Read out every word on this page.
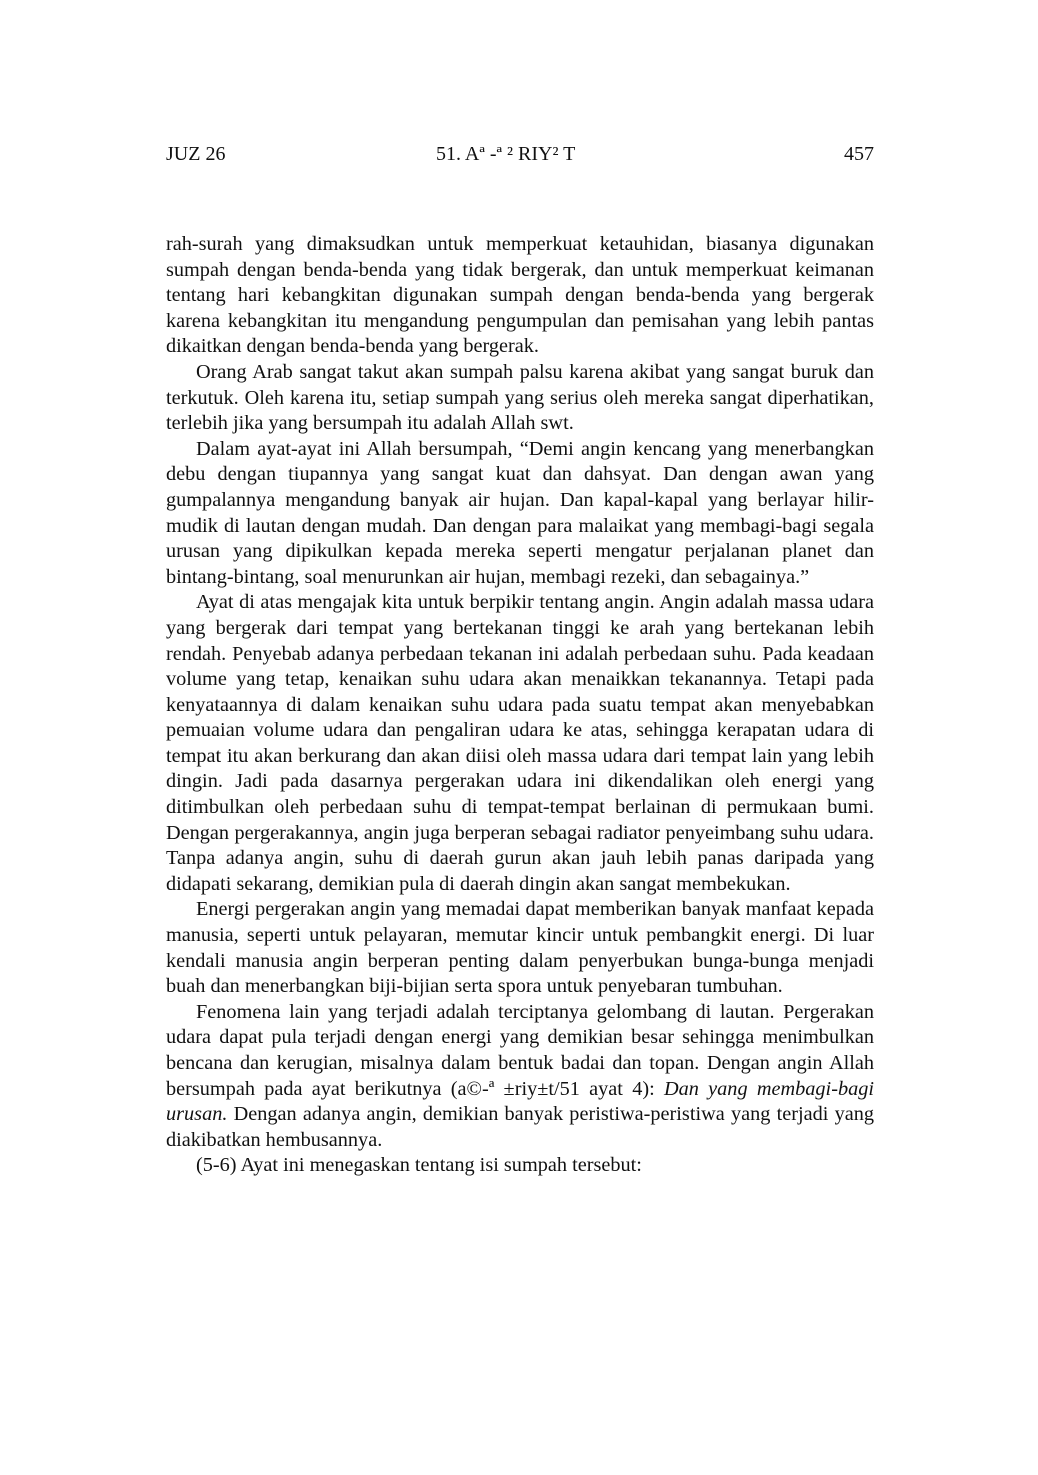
JUZ 26	51. Aª -ª ² RIY² T	457

rah-surah yang dimaksudkan untuk memperkuat ketauhidan, biasanya digunakan sumpah dengan benda-benda yang tidak bergerak, dan untuk memperkuat keimanan tentang hari kebangkitan digunakan sumpah dengan benda-benda yang bergerak karena kebangkitan itu mengandung pengumpulan dan pemisahan yang lebih pantas dikaitkan dengan benda-benda yang bergerak.

Orang Arab sangat takut akan sumpah palsu karena akibat yang sangat buruk dan terkutuk. Oleh karena itu, setiap sumpah yang serius oleh mereka sangat diperhatikan, terlebih jika yang bersumpah itu adalah Allah swt.

Dalam ayat-ayat ini Allah bersumpah, “Demi angin kencang yang menerbangkan debu dengan tiupannya yang sangat kuat dan dahsyat. Dan dengan awan yang gumpalannya mengandung banyak air hujan. Dan kapal-kapal yang berlayar hilir-mudik di lautan dengan mudah. Dan dengan para malaikat yang membagi-bagi segala urusan yang dipikulkan kepada mereka seperti mengatur perjalanan planet dan bintang-bintang, soal menurunkan air hujan, membagi rezeki, dan sebagainya.”

Ayat di atas mengajak kita untuk berpikir tentang angin. Angin adalah massa udara yang bergerak dari tempat yang bertekanan tinggi ke arah yang bertekanan lebih rendah. Penyebab adanya perbedaan tekanan ini adalah perbedaan suhu. Pada keadaan volume yang tetap, kenaikan suhu udara akan menaikkan tekanannya. Tetapi pada kenyataannya di dalam kenaikan suhu udara pada suatu tempat akan menyebabkan pemuaian volume udara dan pengaliran udara ke atas, sehingga kerapatan udara di tempat itu akan berkurang dan akan diisi oleh massa udara dari tempat lain yang lebih dingin. Jadi pada dasarnya pergerakan udara ini dikendalikan oleh energi yang ditimbulkan oleh perbedaan suhu di tempat-tempat berlainan di permukaan bumi. Dengan pergerakannya, angin juga berperan sebagai radiator penyeimbang suhu udara. Tanpa adanya angin, suhu di daerah gurun akan jauh lebih panas daripada yang didapati sekarang, demikian pula di daerah dingin akan sangat membekukan.

Energi pergerakan angin yang memadai dapat memberikan banyak manfaat kepada manusia, seperti untuk pelayaran, memutar kincir untuk pembangkit energi. Di luar kendali manusia angin berperan penting dalam penyerbukan bunga-bunga menjadi buah dan menerbangkan biji-bijian serta spora untuk penyebaran tumbuhan.

Fenomena lain yang terjadi adalah terciptanya gelombang di lautan. Pergerakan udara dapat pula terjadi dengan energi yang demikian besar sehingga menimbulkan bencana dan kerugian, misalnya dalam bentuk badai dan topan. Dengan angin Allah bersumpah pada ayat berikutnya (a©-ª ±riy±t/51 ayat 4): Dan yang membagi-bagi urusan. Dengan adanya angin, demikian banyak peristiwa-peristiwa yang terjadi yang diakibatkan hembusannya.

(5-6) Ayat ini menegaskan tentang isi sumpah tersebut:
